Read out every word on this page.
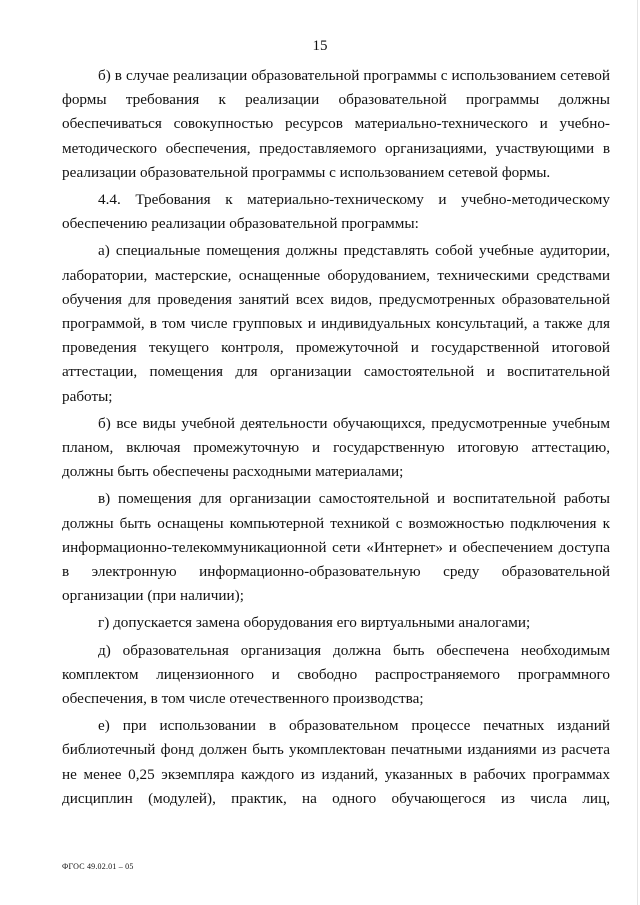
15

б) в случае реализации образовательной программы с использованием сетевой формы требования к реализации образовательной программы должны обеспечиваться совокупностью ресурсов материально-технического и учебно-методического обеспечения, предоставляемого организациями, участвующими в реализации образовательной программы с использованием сетевой формы.

4.4. Требования к материально-техническому и учебно-методическому обеспечению реализации образовательной программы:

а) специальные помещения должны представлять собой учебные аудитории, лаборатории, мастерские, оснащенные оборудованием, техническими средствами обучения для проведения занятий всех видов, предусмотренных образовательной программой, в том числе групповых и индивидуальных консультаций, а также для проведения текущего контроля, промежуточной и государственной итоговой аттестации, помещения для организации самостоятельной и воспитательной работы;

б) все виды учебной деятельности обучающихся, предусмотренные учебным планом, включая промежуточную и государственную итоговую аттестацию, должны быть обеспечены расходными материалами;

в) помещения для организации самостоятельной и воспитательной работы должны быть оснащены компьютерной техникой с возможностью подключения к информационно-телекоммуникационной сети «Интернет» и обеспечением доступа в электронную информационно-образовательную среду образовательной организации (при наличии);

г) допускается замена оборудования его виртуальными аналогами;

д) образовательная организация должна быть обеспечена необходимым комплектом лицензионного и свободно распространяемого программного обеспечения, в том числе отечественного производства;

е) при использовании в образовательном процессе печатных изданий библиотечный фонд должен быть укомплектован печатными изданиями из расчета не менее 0,25 экземпляра каждого из изданий, указанных в рабочих программах дисциплин (модулей), практик, на одного обучающегося из числа лиц,

ФГОС 49.02.01 – 05
